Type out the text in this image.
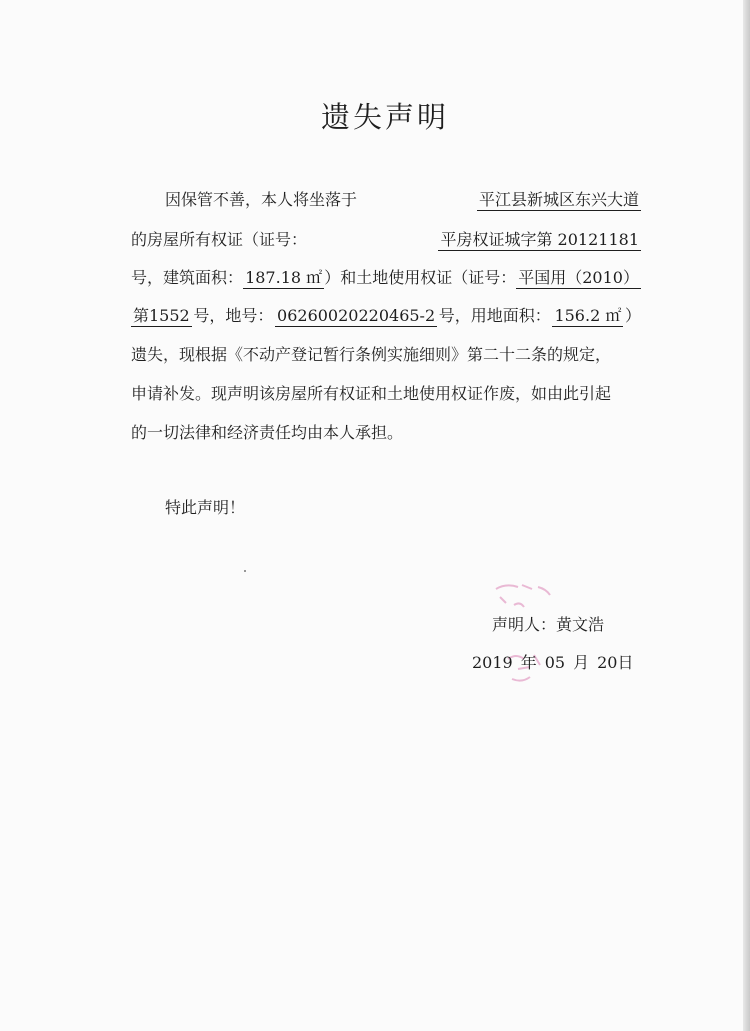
遗失声明
因保管不善，本人将坐落于	平江县新城区东兴大道
的房屋所有权证（证号：	平房权证城字第 20121181
号，建筑面积： 187.18 ㎡ ）和土地使用权证（证号： 平国用（2010）
第1552 号，地号： 06260020220465-2 号，用地面积： 156.2 ㎡ ）
遗失，现根据《不动产登记暂行条例实施细则》第二十二条的规定，
申请补发。现声明该房屋所有权证和土地使用权证作废，如由此引起
的一切法律和经济责任均由本人承担。
特此声明！
声明人：黄文浩
2019 年 05 月 20日
